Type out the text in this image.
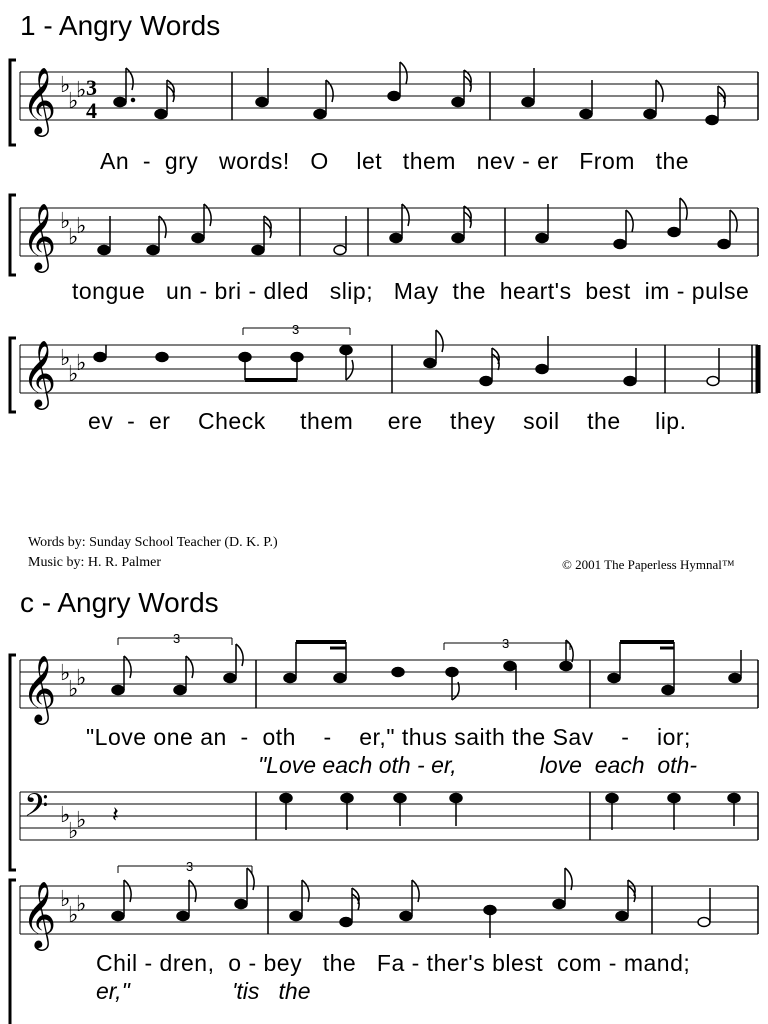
1 - Angry Words
𝄞 ♭
♭
♭ 3
4
𝄞 ♭
♭
♭
𝄞 ♭
♭
♭
3
An  -  gry   words!   O    let   them   nev - er   From   the
tongue   un - bri - dled   slip;   May  the  heart's  best  im - pulse
ev  -  er    Check     them     ere    they    soil    the     lip.
Words by: Sunday School Teacher (D. K. P.)
Music by: H. R. Palmer	© 2001 The Paperless Hymnal™
c - Angry Words
𝄞 ♭
♭
♭
3	3
𝄢 ♭
♭
♭ 𝄽
𝄞 ♭
♭
♭
3
"Love one an  -  oth    -    er," thus saith the Sav    -    ior;
"Love each oth - er,             love  each  oth-
Chil - dren,  o - bey   the   Fa - ther's blest  com - mand;
er,"                'tis   the
